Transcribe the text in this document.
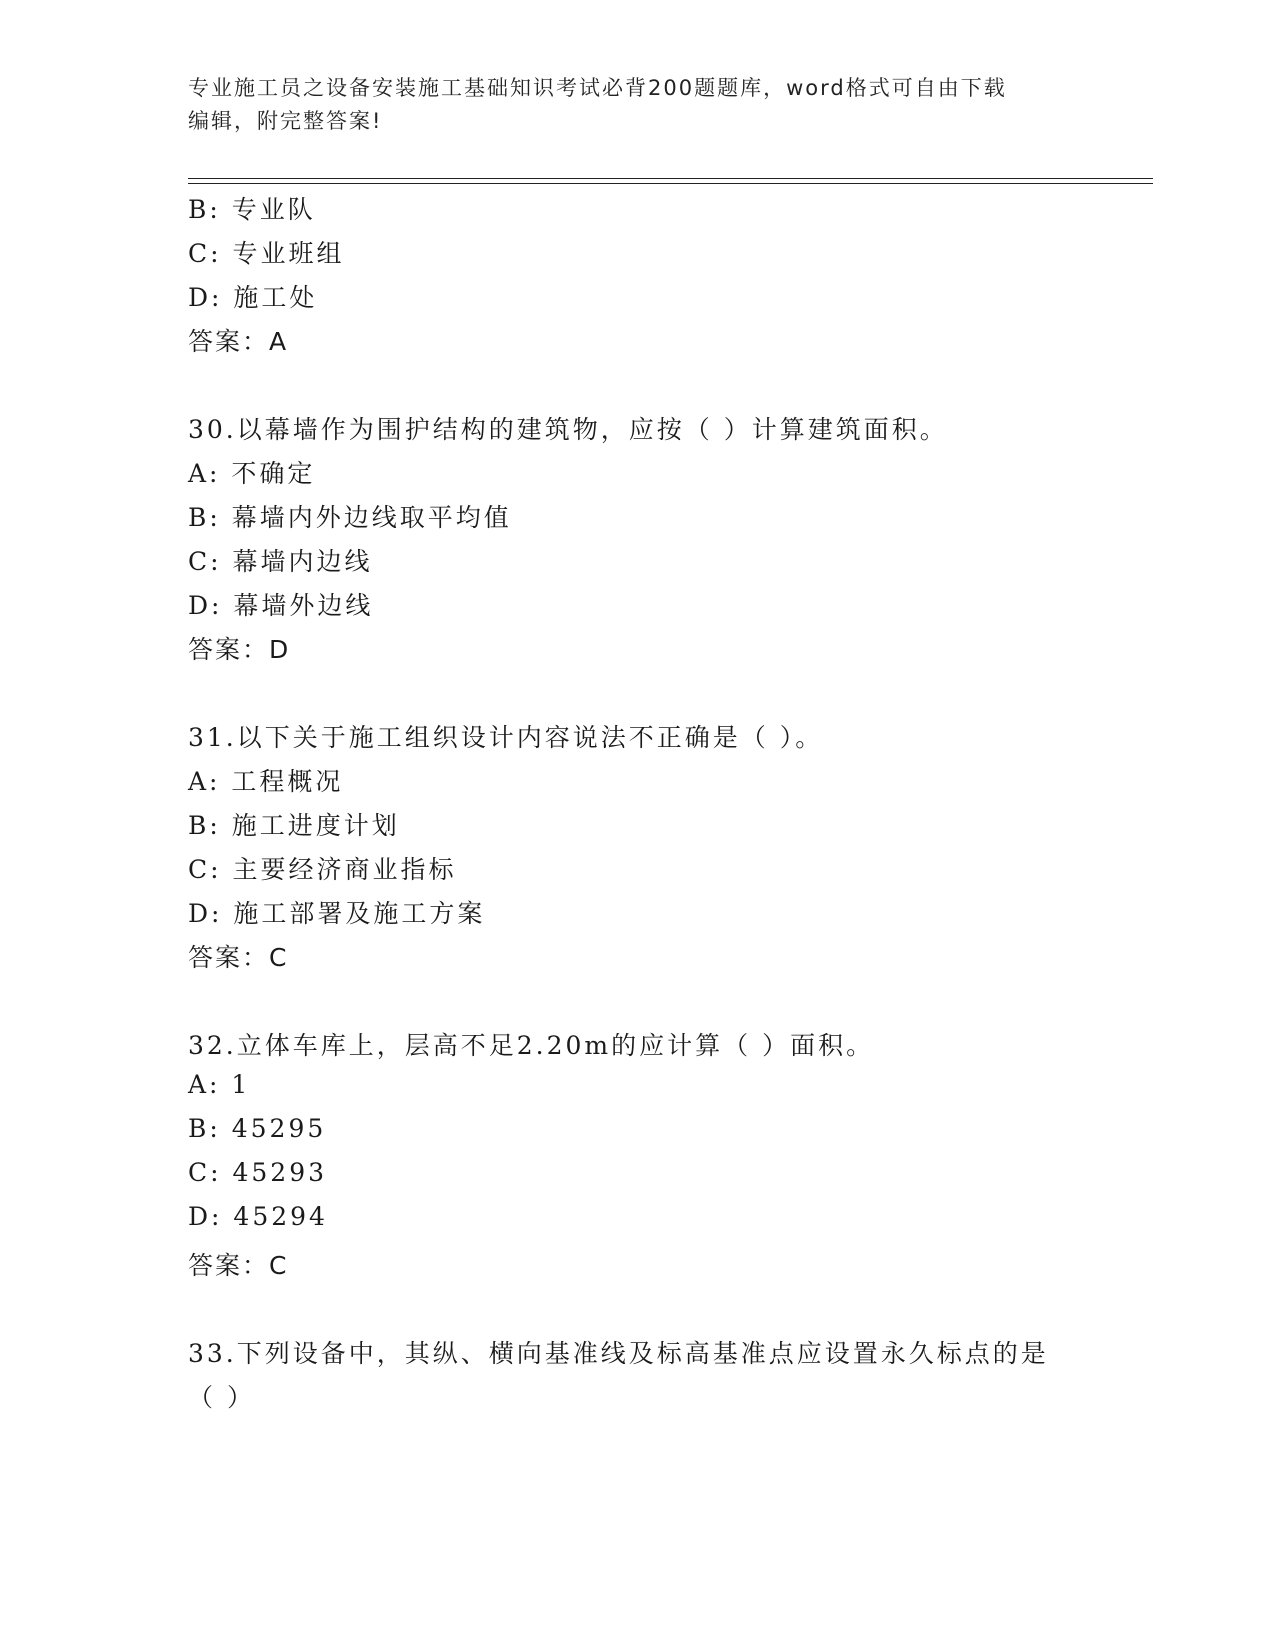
专业施工员之设备安装施工基础知识考试必背200题题库，word格式可自由下载
编辑，附完整答案!
B: 专业队
C: 专业班组
D: 施工处
答案：A
30.以幕墙作为围护结构的建筑物，应按（ ）计算建筑面积。
A: 不确定
B: 幕墙内外边线取平均值
C: 幕墙内边线
D: 幕墙外边线
答案：D
31.以下关于施工组织设计内容说法不正确是（ ）。
A: 工程概况
B: 施工进度计划
C: 主要经济商业指标
D: 施工部署及施工方案
答案：C
32.立体车库上，层高不足2.20m的应计算（ ）面积。
A: 1
B: 45295
C: 45293
D: 45294
答案：C
33.下列设备中，其纵、横向基准线及标高基准点应设置永久标点的是
（ ）
